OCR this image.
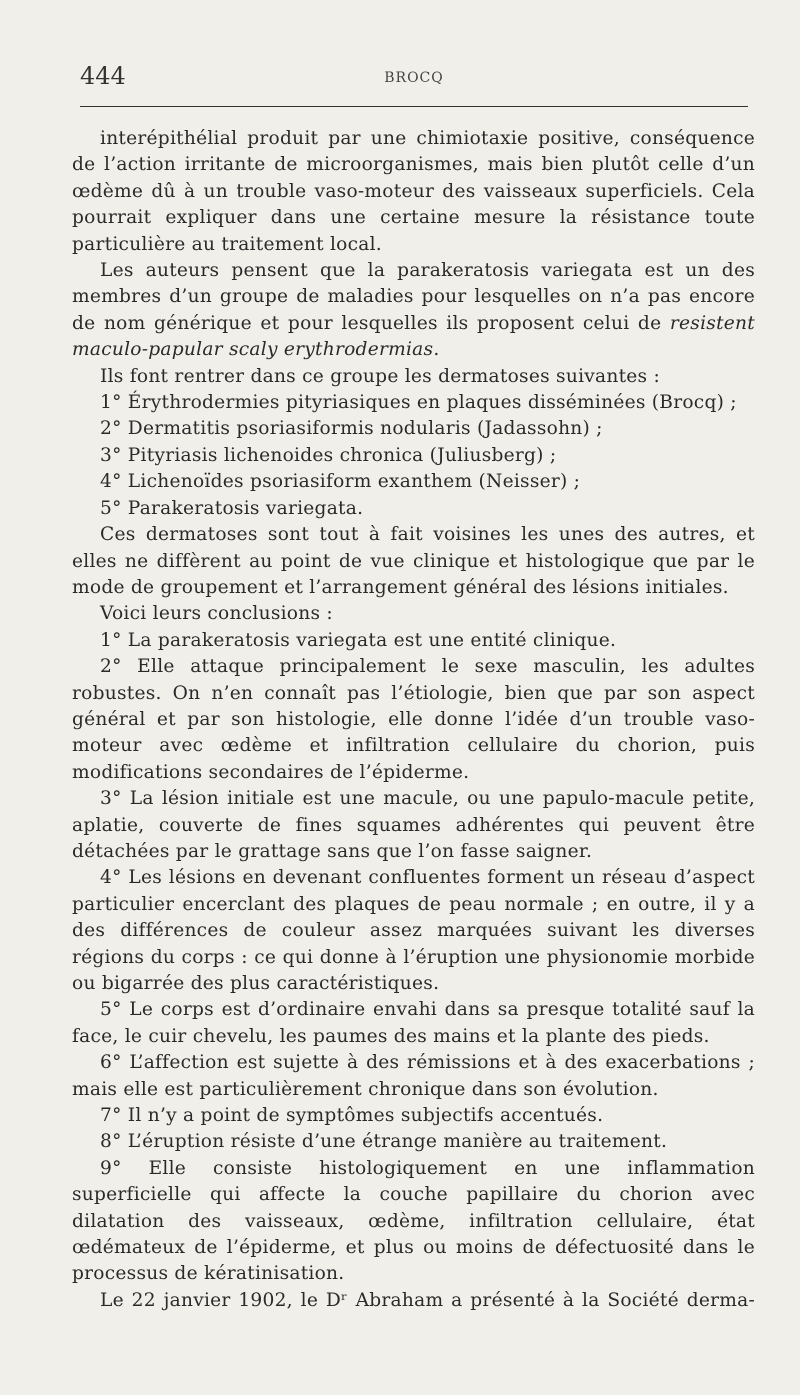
444	BROCQ

interépithélial produit par une chimiotaxie positive, conséquence de l’action irritante de microorganismes, mais bien plutôt celle d’un œdème dû à un trouble vaso-moteur des vaisseaux superficiels. Cela pourrait expliquer dans une certaine mesure la résistance toute particulière au traitement local.

Les auteurs pensent que la parakeratosis variegata est un des membres d’un groupe de maladies pour lesquelles on n’a pas encore de nom générique et pour lesquelles ils proposent celui de resistent maculo-papular scaly erythrodermias.

Ils font rentrer dans ce groupe les dermatoses suivantes :

1° Érythrodermies pityriasiques en plaques disséminées (Brocq) ;

2° Dermatitis psoriasiformis nodularis (Jadassohn) ;

3° Pityriasis lichenoides chronica (Juliusberg) ;

4° Lichenoïdes psoriasiform exanthem (Neisser) ;

5° Parakeratosis variegata.

Ces dermatoses sont tout à fait voisines les unes des autres, et elles ne diffèrent au point de vue clinique et histologique que par le mode de groupement et l’arrangement général des lésions initiales.

Voici leurs conclusions :

1° La parakeratosis variegata est une entité clinique.

2° Elle attaque principalement le sexe masculin, les adultes robustes. On n’en connaît pas l’étiologie, bien que par son aspect général et par son histologie, elle donne l’idée d’un trouble vaso-moteur avec œdème et infiltration cellulaire du chorion, puis modifications secondaires de l’épiderme.

3° La lésion initiale est une macule, ou une papulo-macule petite, aplatie, couverte de fines squames adhérentes qui peuvent être détachées par le grattage sans que l’on fasse saigner.

4° Les lésions en devenant confluentes forment un réseau d’aspect particulier encerclant des plaques de peau normale ; en outre, il y a des différences de couleur assez marquées suivant les diverses régions du corps : ce qui donne à l’éruption une physionomie morbide ou bigarrée des plus caractéristiques.

5° Le corps est d’ordinaire envahi dans sa presque totalité sauf la face, le cuir chevelu, les paumes des mains et la plante des pieds.

6° L’affection est sujette à des rémissions et à des exacerbations ; mais elle est particulièrement chronique dans son évolution.

7° Il n’y a point de symptômes subjectifs accentués.

8° L’éruption résiste d’une étrange manière au traitement.

9° Elle consiste histologiquement en une inflammation superficielle qui affecte la couche papillaire du chorion avec dilatation des vaisseaux, œdème, infiltration cellulaire, état œdémateux de l’épiderme, et plus ou moins de défectuosité dans le processus de kératinisation.

Le 22 janvier 1902, le Dʳ Abraham a présenté à la Société derma-
